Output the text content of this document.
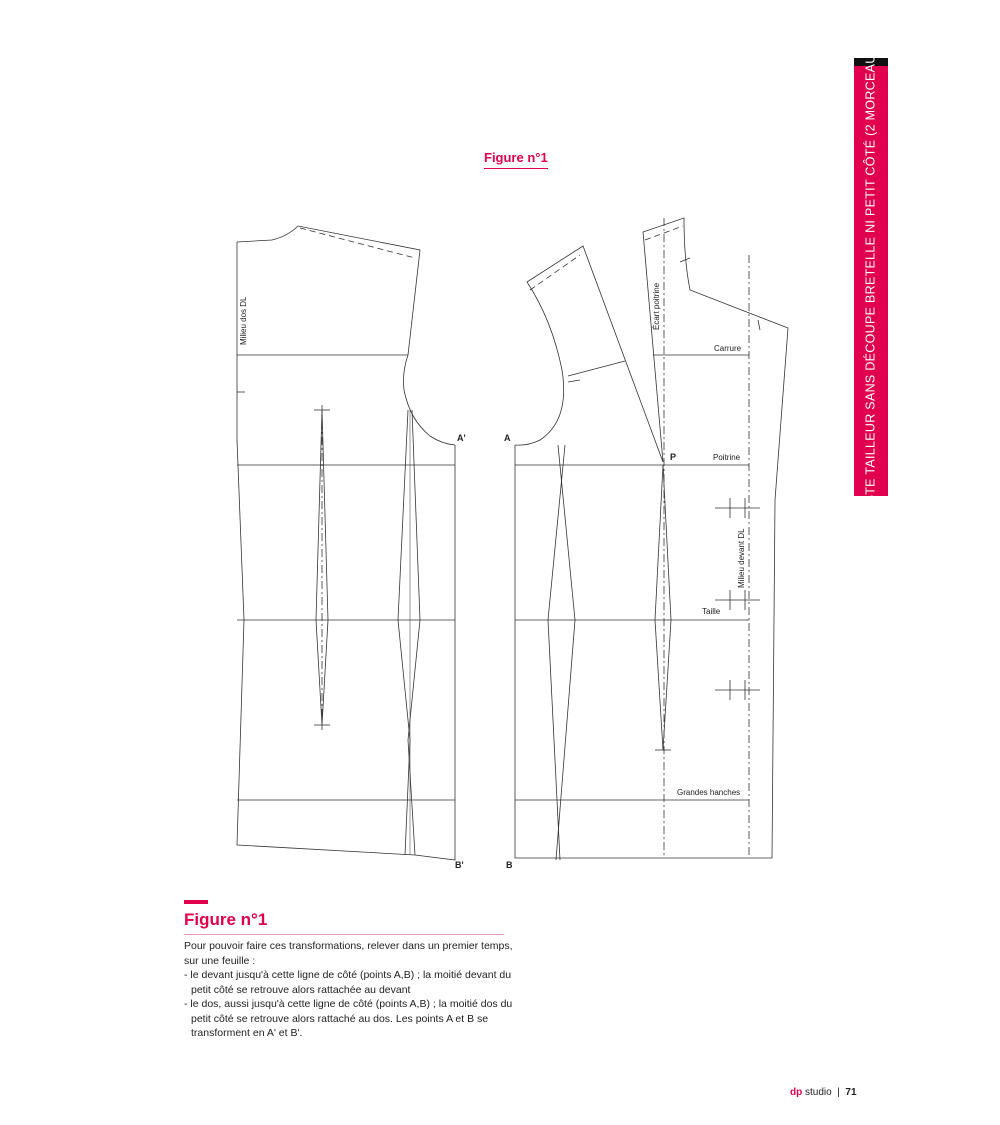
VESTE TAILLEUR SANS DÉCOUPE BRETELLE NI PETIT CÔTÉ (2 MORCEAUX)
Figure n°1
Milieu dos DL
A'	A
B'	B
Écart poitrine
Carrure
P	Poitrine
Milieu devant DL
Taille
Grandes hanches
Figure n°1
Pour pouvoir faire ces transformations, relever dans un premier temps, sur une feuille :
- le devant jusqu'à cette ligne de côté (points A,B) ; la moitié devant du petit côté se retrouve alors rattachée au devant
- le dos, aussi jusqu'à cette ligne de côté (points A,B) ; la moitié dos du petit côté se retrouve alors rattaché au dos. Les points A et B se transforment en A' et B'.
dp studio | 71
